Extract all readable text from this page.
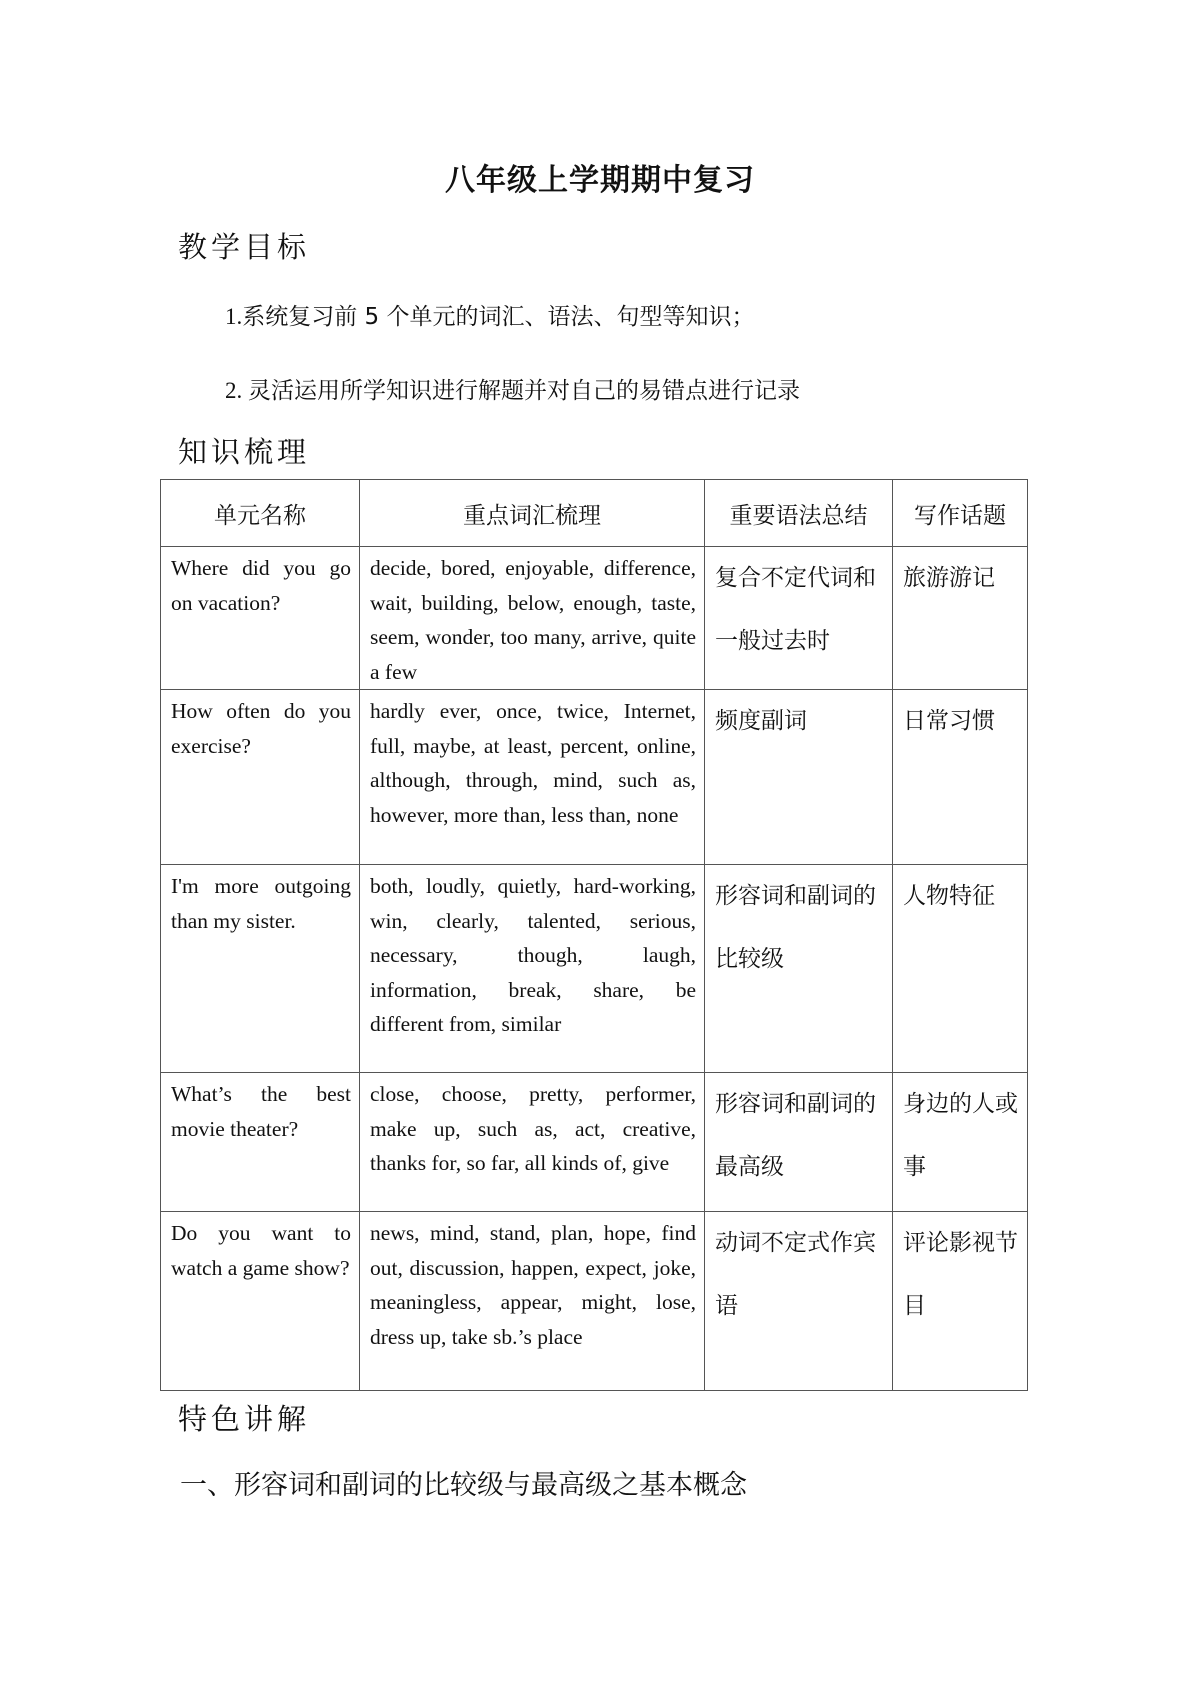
八年级上学期期中复习
教学目标
1.系统复习前 5 个单元的词汇、语法、句型等知识；
2. 灵活运用所学知识进行解题并对自己的易错点进行记录
知识梳理
单元名称	重点词汇梳理	重要语法总结	写作话题
Where did you go on vacation?	decide, bored, enjoyable, difference, wait, building, below, enough, taste, seem, wonder, too many, arrive, quite a few	复合不定代词和一般过去时	旅游游记
How often do you exercise?	hardly ever, once, twice, Internet, full, maybe, at least, percent, online, although, through, mind, such as, however, more than, less than, none	频度副词	日常习惯
I'm more outgoing than my sister.	both, loudly, quietly, hard-working, win, clearly, talented, serious, necessary, though, laugh, information, break, share, be different from, similar	形容词和副词的比较级	人物特征
What’s the best movie theater?	close, choose, pretty, performer, make up, such as, act, creative, thanks for, so far, all kinds of, give	形容词和副词的最高级	身边的人或事
Do you want to watch a game show?	news, mind, stand, plan, hope, find out, discussion, happen, expect, joke, meaningless, appear, might, lose, dress up, take sb.’s place	动词不定式作宾语	评论影视节目
特色讲解
一、形容词和副词的比较级与最高级之基本概念
